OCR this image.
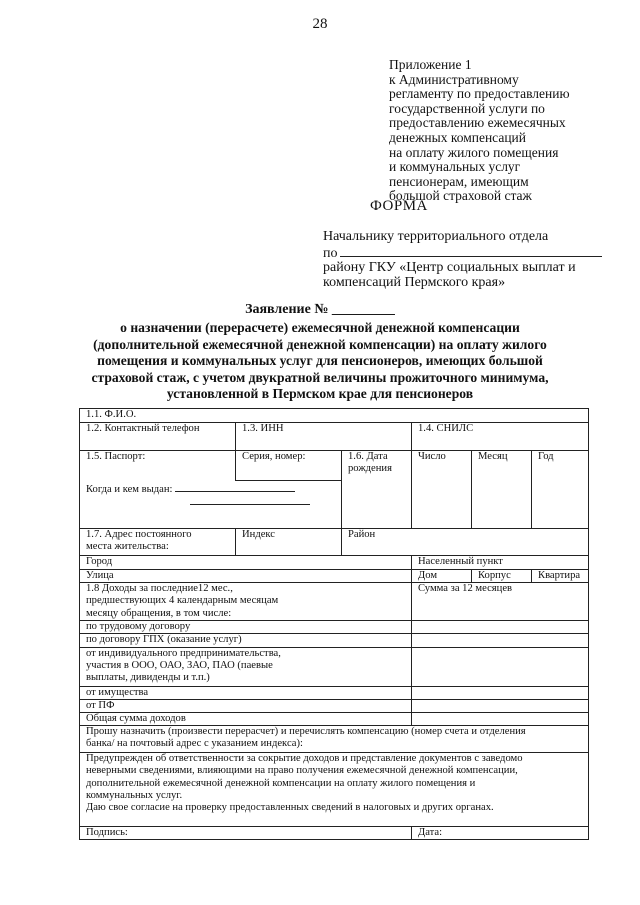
28
Приложение 1
к Административному
регламенту по предоставлению
государственной услуги по
предоставлению ежемесячных
денежных компенсаций
на оплату жилого помещения
и коммунальных услуг
пенсионерам, имеющим
большой страховой стаж
ФОРМА
Начальнику территориального отдела
по
району ГКУ «Центр социальных выплат и
компенсаций Пермского края»
Заявление № _________
о назначении (перерасчете) ежемесячной денежной компенсации
(дополнительной ежемесячной денежной компенсации) на оплату жилого
помещения и коммунальных услуг для пенсионеров, имеющих большой
страховой стаж, с учетом двукратной величины прожиточного минимума,
установленной в Пермском крае для пенсионеров
1.1. Ф.И.О.					
1.2. Контактный телефон	1.3. ИНН		1.4. СНИЛС		
1.5. Паспорт:	Серия, номер:	1.6. Дата
рождения	Число	Месяц	Год
Когда и кем выдан:					

1.7. Адрес постоянного
места жительства:	Индекс	Район			
Город			Населенный пункт		
Улица			Дом	Корпус	Квартира

1.8 Доходы за последние12 мес.,
предшествующих 4 календарным месяцам
месяцу обращения, в том числе:			Сумма за 12 месяцев		
по трудовому договору					
по договору ГПХ (оказание услуг)					

от индивидуального предпринимательства,
участия в ООО, ОАО, ЗАО, ПАО (паевые
выплаты, дивиденды и т.п.)					

от имущества					
от ПФ					
Общая сумма доходов					

Прошу назначить (произвести перерасчет) и перечислять компенсацию (номер счета и отделения
банка/ на почтовый адрес с указанием индекса):					

Предупрежден об ответственности за сокрытие доходов и представление документов с заведомо
неверными сведениями, влияющими на право получения ежемесячной денежной компенсации,
дополнительной ежемесячной денежной компенсации на оплату жилого помещения и
коммунальных услуг.
Даю свое согласие на проверку предоставленных сведений в налоговых и других органах.					

Подпись:			Дата:		
